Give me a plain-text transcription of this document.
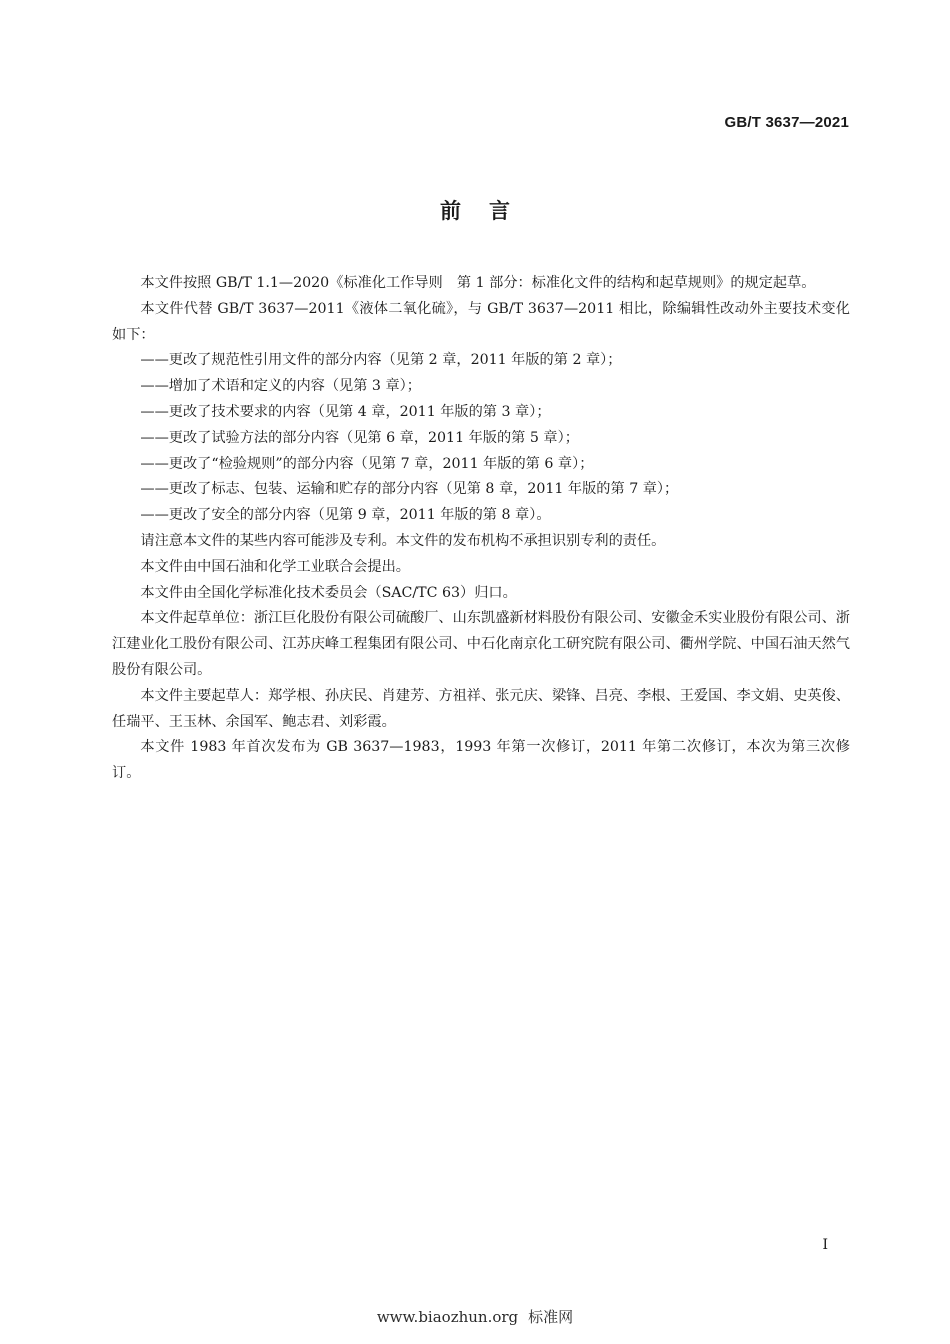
GB/T 3637—2021
前言

本文件按照 GB/T 1.1—2020《标准化工作导则　第 1 部分：标准化文件的结构和起草规则》的规定起草。

本文件代替 GB/T 3637—2011《液体二氧化硫》，与 GB/T 3637—2011 相比，除编辑性改动外主要技术变化如下：

——更改了规范性引用文件的部分内容（见第 2 章，2011 年版的第 2 章）；

——增加了术语和定义的内容（见第 3 章）；

——更改了技术要求的内容（见第 4 章，2011 年版的第 3 章）；

——更改了试验方法的部分内容（见第 6 章，2011 年版的第 5 章）；

——更改了“检验规则”的部分内容（见第 7 章，2011 年版的第 6 章）；

——更改了标志、包装、运输和贮存的部分内容（见第 8 章，2011 年版的第 7 章）；

——更改了安全的部分内容（见第 9 章，2011 年版的第 8 章）。

请注意本文件的某些内容可能涉及专利。本文件的发布机构不承担识别专利的责任。

本文件由中国石油和化学工业联合会提出。

本文件由全国化学标准化技术委员会（SAC/TC 63）归口。

本文件起草单位：浙江巨化股份有限公司硫酸厂、山东凯盛新材料股份有限公司、安徽金禾实业股份有限公司、浙江建业化工股份有限公司、江苏庆峰工程集团有限公司、中石化南京化工研究院有限公司、衢州学院、中国石油天然气股份有限公司。

本文件主要起草人：郑学根、孙庆民、肖建芳、方祖祥、张元庆、梁锋、吕亮、李根、王爱国、李文娟、史英俊、任瑞平、王玉林、余国军、鲍志君、刘彩霞。

本文件 1983 年首次发布为 GB 3637—1983，1993 年第一次修订，2011 年第二次修订，本次为第三次修订。

I
www.biaozhun.org 标准网
